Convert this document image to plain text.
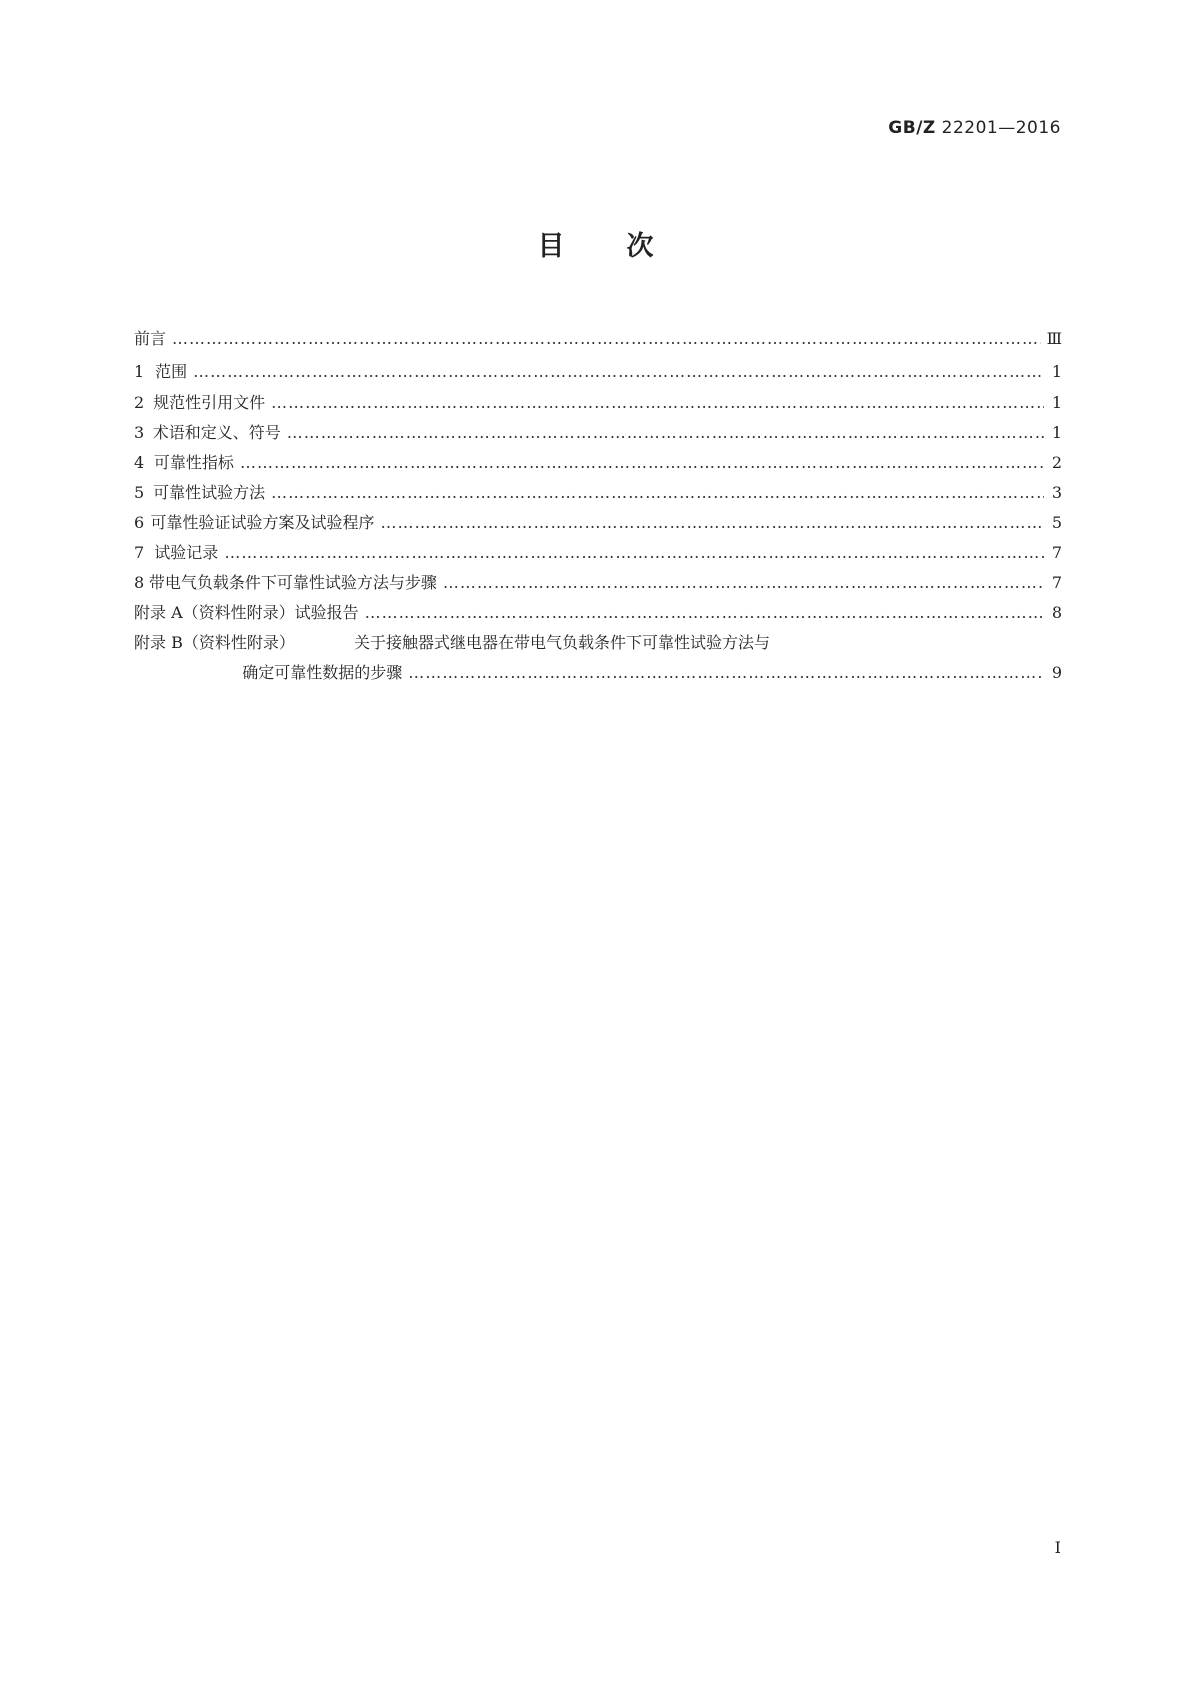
GB/Z 22201—2016
目次
前言 …………………………………………………………………………………………………………………………………………………………………………………………………………	Ⅲ
1 范围 …………………………………………………………………………………………………………………………………………………………………………………………………………	1
2 规范性引用文件 …………………………………………………………………………………………………………………………………………………………………………………………………………	1
3 术语和定义、符号 …………………………………………………………………………………………………………………………………………………………………………………………………………	1
4 可靠性指标 …………………………………………………………………………………………………………………………………………………………………………………………………………	2
5 可靠性试验方法 …………………………………………………………………………………………………………………………………………………………………………………………………………	3
6 可靠性验证试验方案及试验程序 …………………………………………………………………………………………………………………………………………………………………………………………………………	5
7 试验记录 …………………………………………………………………………………………………………………………………………………………………………………………………………	7
8 带电气负载条件下可靠性试验方法与步骤 …………………………………………………………………………………………………………………………………………………………………………………………………………	7
附录 A（资料性附录） 试验报告 …………………………………………………………………………………………………………………………………………………………………………………………………………	8
附录 B（资料性附录）	关于接触器式继电器在带电气负载条件下可靠性试验方法与
确定可靠性数据的步骤 …………………………………………………………………………………………………………………………………………………………………………………………………………	9
I
